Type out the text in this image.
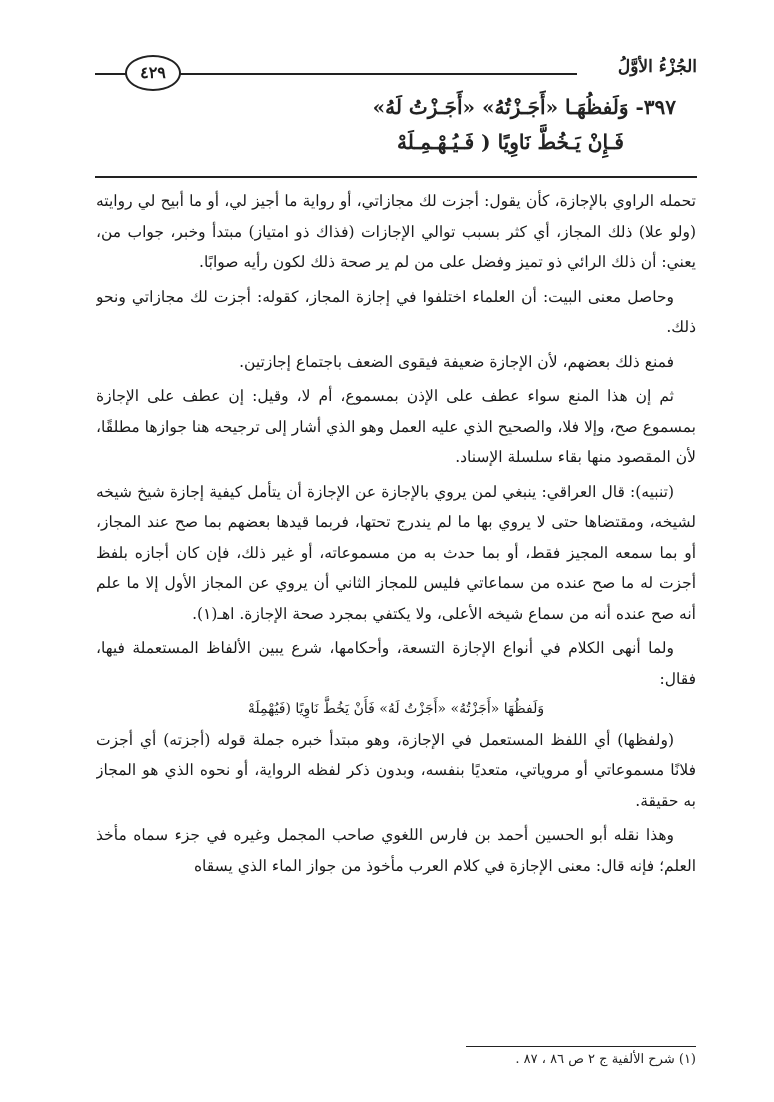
الجُزْءُ الأوَّلُ
٤٢٩
٣٩٧- وَلَفظُهَـا «أَجَـزْتُهُ» «أَجَـزْتُ لَهُ»
فَـإِنْ يَـخُطَّ نَاوِيًا ( فَـيُـهْـمِـلَهْ

تحمله الراوي بالإجازة، كأن يقول: أجزت لك مجازاتي، أو رواية ما أجيز لي، أو ما أبيح لي روايته (ولو علا) ذلك المجاز، أي كثر بسبب توالي الإجازات (فذاك ذو امتياز) مبتدأ وخبر، جواب من، يعني: أن ذلك الرائي ذو تميز وفضل على من لم ير صحة ذلك لكون رأيه صوابًا.

وحاصل معنى البيت: أن العلماء اختلفوا في إجازة المجاز، كقوله: أجزت لك مجازاتي ونحو ذلك.

فمنع ذلك بعضهم، لأن الإجازة ضعيفة فيقوى الضعف باجتماع إجازتين.

ثم إن هذا المنع سواء عطف على الإذن بمسموع، أم لا، وقيل: إن عطف على الإجازة بمسموع صح، وإلا فلا، والصحيح الذي عليه العمل وهو الذي أشار إلى ترجيحه هنا جوازها مطلقًا، لأن المقصود منها بقاء سلسلة الإسناد.

(تنبيه): قال العراقي: ينبغي لمن يروي بالإجازة عن الإجازة أن يتأمل كيفية إجازة شيخ شيخه لشيخه، ومقتضاها حتى لا يروي بها ما لم يندرج تحتها، فربما قيدها بعضهم بما صح عند المجاز، أو بما سمعه المجيز فقط، أو بما حدث به من مسموعاته، أو غير ذلك، فإن كان أجازه بلفظ أجزت له ما صح عنده من سماعاتي فليس للمجاز الثاني أن يروي عن المجاز الأول إلا ما علم أنه صح عنده أنه من سماع شيخه الأعلى، ولا يكتفي بمجرد صحة الإجازة. اهـ(١).

ولما أنهى الكلام في أنواع الإجازة التسعة، وأحكامها، شرع يبين الألفاظ المستعملة فيها، فقال:

وَلَفظُهَا «أَجَزْتُهُ» «أَجَزْتُ لَهُ» فَأَنْ يَخُطَّ نَاوِيًا (فَيُهْمِلَهْ

(ولفظها) أي اللفظ المستعمل في الإجازة، وهو مبتدأ خبره جملة قوله (أجزته) أي أجزت فلانًا مسموعاتي أو مروياتي، متعديًا بنفسه، وبدون ذكر لفظه الرواية، أو نحوه الذي هو المجاز به حقيقة.

وهذا نقله أبو الحسين أحمد بن فارس اللغوي صاحب المجمل وغيره في جزء سماه مأخذ العلم؛ فإنه قال: معنى الإجازة في كلام العرب مأخوذ من جواز الماء الذي يسقاه

(١) شرح الألفية ج ٢ ص ٨٦ ، ٨٧ .
